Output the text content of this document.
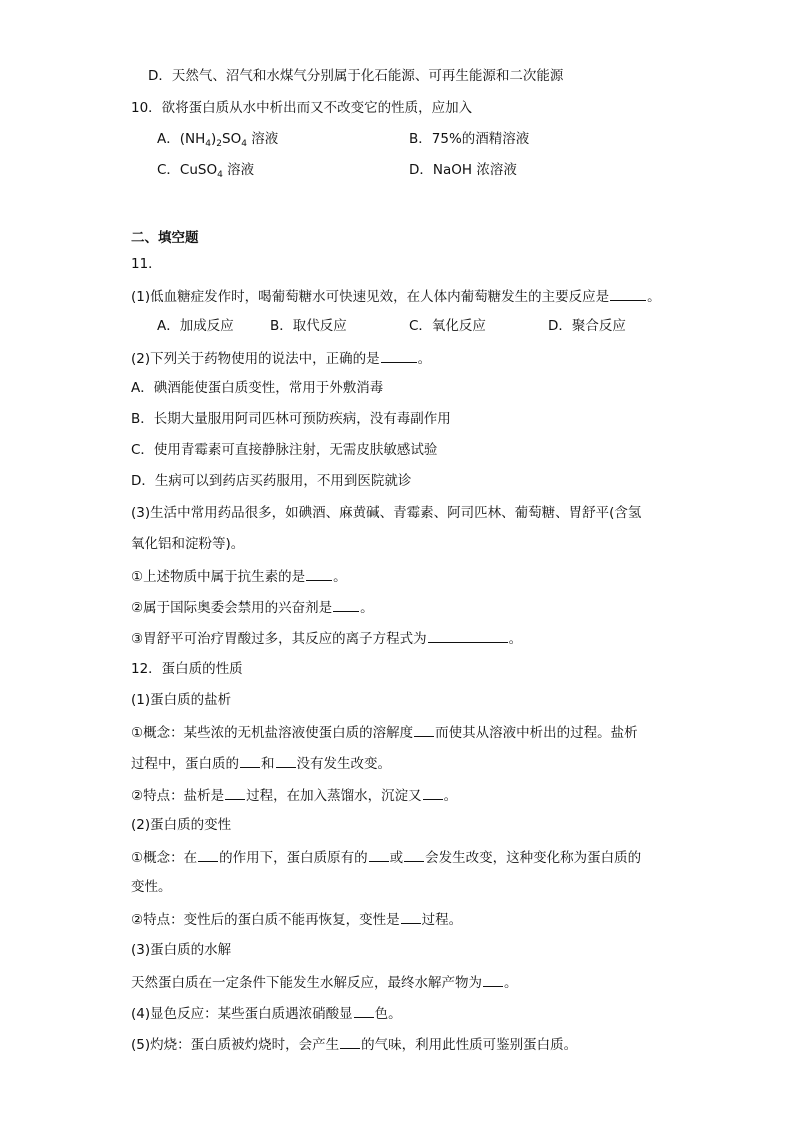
D．天然气、沼气和水煤气分别属于化石能源、可再生能源和二次能源
10．欲将蛋白质从水中析出而又不改变它的性质，应加入
A．$(NH_4)_2SO_4$ 溶液	B．75%的酒精溶液
C．CuSO$_4$ 溶液	D．NaOH 浓溶液
二、填空题
11．
(1)低血糖症发作时，喝葡萄糖水可快速见效，在人体内葡萄糖发生的主要反应是	。
A．加成反应	B．取代反应	C．氧化反应	D．聚合反应
(2)下列关于药物使用的说法中，正确的是	。
A．碘酒能使蛋白质变性，常用于外敷消毒
B．长期大量服用阿司匹林可预防疾病，没有毒副作用
C．使用青霉素可直接静脉注射，无需皮肤敏感试验
D．生病可以到药店买药服用，不用到医院就诊
(3)生活中常用药品很多，如碘酒、麻黄碱、青霉素、阿司匹林、葡萄糖、胃舒平(含氢
氧化铝和淀粉等)。
①上述物质中属于抗生素的是 。
②属于国际奥委会禁用的兴奋剂是 。
③胃舒平可治疗胃酸过多，其反应的离子方程式为	。
12．蛋白质的性质
(1)蛋白质的盐析
①概念：某些浓的无机盐溶液使蛋白质的溶解度 而使其从溶液中析出的过程。盐析
过程中，蛋白质的 和 没有发生改变。
②特点：盐析是 过程，在加入蒸馏水，沉淀又 。
(2)蛋白质的变性
①概念：在 的作用下，蛋白质原有的 或 会发生改变，这种变化称为蛋白质的
变性。
②特点：变性后的蛋白质不能再恢复，变性是 过程。
(3)蛋白质的水解
天然蛋白质在一定条件下能发生水解反应，最终水解产物为 。
(4)显色反应：某些蛋白质遇浓硝酸显 色。
(5)灼烧：蛋白质被灼烧时，会产生 的气味，利用此性质可鉴别蛋白质。
